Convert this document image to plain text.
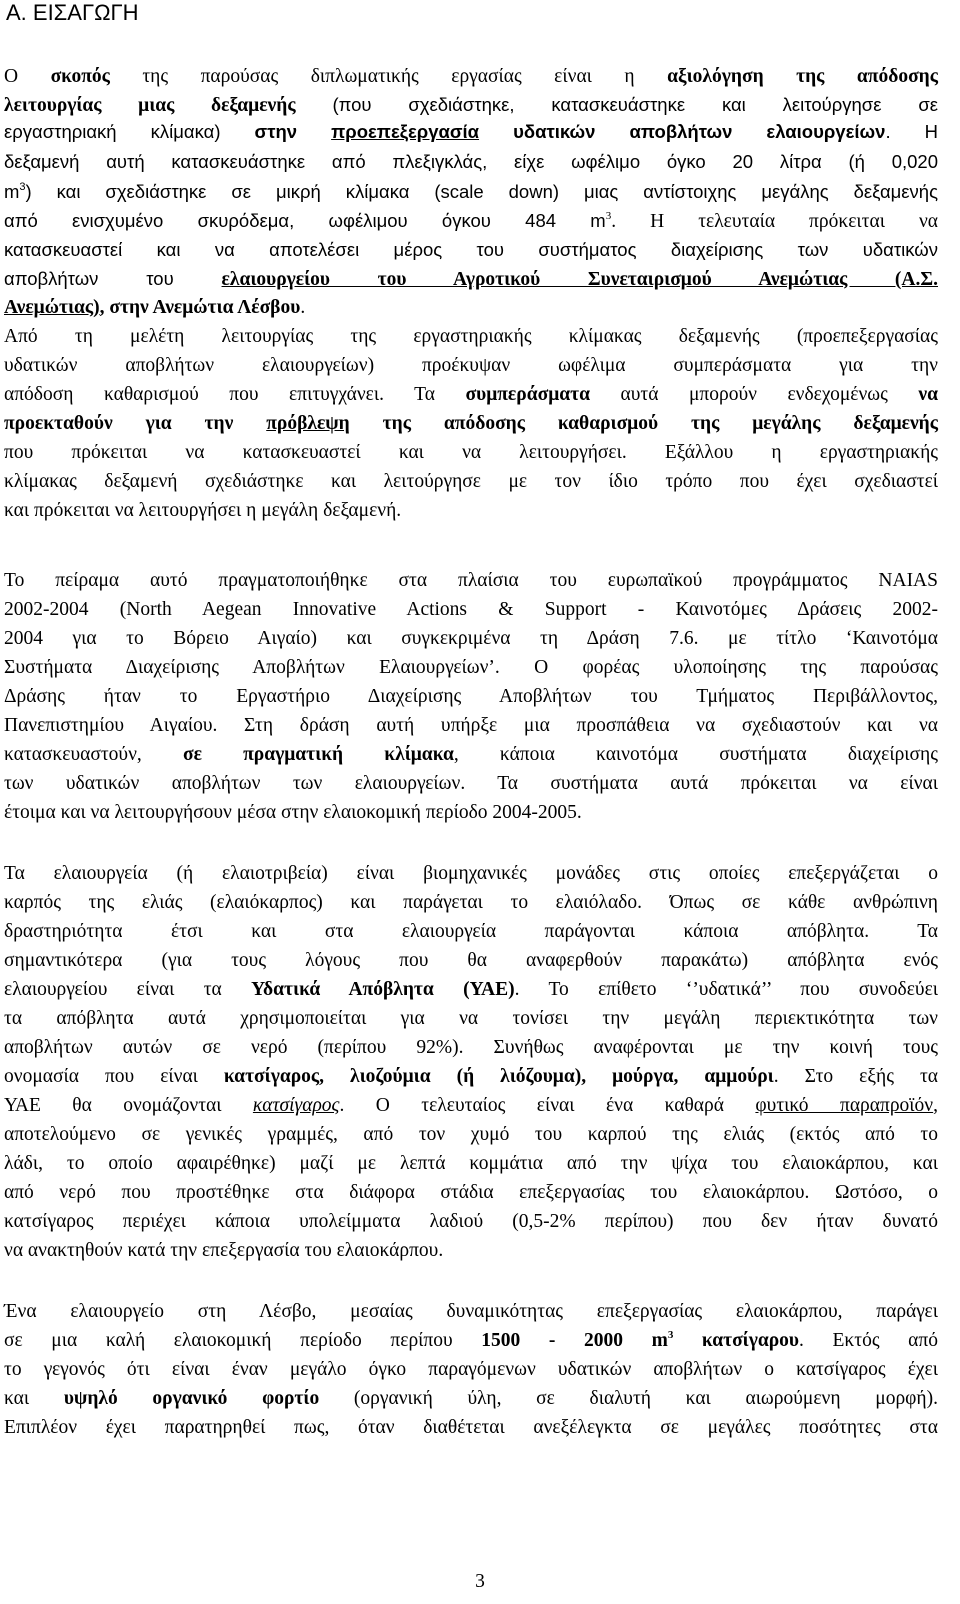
Α. ΕΙΣΑΓΩΓΗ
Ο σκοπός της παρούσας διπλωματικής εργασίας είναι η αξιολόγηση της απόδοσης
λειτουργίας μιας δεξαμενής (που σχεδιάστηκε, κατασκευάστηκε και λειτούργησε σε
εργαστηριακή κλίμακα) στην προεπεξεργασία υδατικών αποβλήτων ελαιουργείων. Η
δεξαμενή αυτή κατασκευάστηκε από πλεξιγκλάς, είχε ωφέλιμο όγκο 20 λίτρα (ή 0,020
$m^3$) και σχεδιάστηκε σε μικρή κλίμακα (scale down) μιας αντίστοιχης μεγάλης δεξαμενής
από ενισχυμένο σκυρόδεμα, ωφέλιμου όγκου 484 $m^3$. Η τελευταία πρόκειται να
κατασκευαστεί και να αποτελέσει μέρος του συστήματος διαχείρισης των υδατικών
αποβλήτων του ελαιουργείου του Αγροτικού Συνεταιρισμού Ανεμώτιας (Α.Σ.
Ανεμώτιας), στην Ανεμώτια Λέσβου.
Από τη μελέτη λειτουργίας της εργαστηριακής κλίμακας δεξαμενής (προεπεξεργασίας
υδατικών αποβλήτων ελαιουργείων) προέκυψαν ωφέλιμα συμπεράσματα για την
απόδοση καθαρισμού που επιτυγχάνει. Τα συμπεράσματα αυτά μπορούν ενδεχομένως να
προεκταθούν για την πρόβλεψη της απόδοσης καθαρισμού της μεγάλης δεξαμενής
που πρόκειται να κατασκευαστεί και να λειτουργήσει. Εξάλλου η εργαστηριακής
κλίμακας δεξαμενή σχεδιάστηκε και λειτούργησε με τον ίδιο τρόπο που έχει σχεδιαστεί
και πρόκειται να λειτουργήσει η μεγάλη δεξαμενή.
Το πείραμα αυτό πραγματοποιήθηκε στα πλαίσια του ευρωπαϊκού προγράμματος NAIAS
2002-2004 (North Aegean Innovative Actions & Support - Καινοτόμες Δράσεις 2002-
2004 για το Βόρειο Αιγαίο) και συγκεκριμένα τη Δράση 7.6. με τίτλο ‘Καινοτόμα
Συστήματα Διαχείρισης Αποβλήτων Ελαιουργείων’. Ο φορέας υλοποίησης της παρούσας
Δράσης ήταν το Εργαστήριο Διαχείρισης Αποβλήτων του Τμήματος Περιβάλλοντος,
Πανεπιστημίου Αιγαίου. Στη δράση αυτή υπήρξε μια προσπάθεια να σχεδιαστούν και να
κατασκευαστούν, σε πραγματική κλίμακα, κάποια καινοτόμα συστήματα διαχείρισης
των υδατικών αποβλήτων των ελαιουργείων. Τα συστήματα αυτά πρόκειται να είναι
έτοιμα και να λειτουργήσουν μέσα στην ελαιοκομική περίοδο 2004-2005.
Τα ελαιουργεία (ή ελαιοτριβεία) είναι βιομηχανικές μονάδες στις οποίες επεξεργάζεται ο
καρπός της ελιάς (ελαιόκαρπος) και παράγεται το ελαιόλαδο. Όπως σε κάθε ανθρώπινη
δραστηριότητα έτσι και στα ελαιουργεία παράγονται κάποια απόβλητα. Τα
σημαντικότερα (για τους λόγους που θα αναφερθούν παρακάτω) απόβλητα ενός
ελαιουργείου είναι τα Υδατικά Απόβλητα (ΥΑΕ). Το επίθετο ‘’υδατικά’’ που συνοδεύει
τα απόβλητα αυτά χρησιμοποιείται για να τονίσει την μεγάλη περιεκτικότητα των
αποβλήτων αυτών σε νερό (περίπου 92%). Συνήθως αναφέρονται με την κοινή τους
ονομασία που είναι κατσίγαρος, λιοζούμια (ή λιόζουμα), μούργα, αμμούρι. Στο εξής τα
ΥΑΕ θα ονομάζονται κατσίγαρος. Ο τελευταίος είναι ένα καθαρά φυτικό παραπροϊόν,
αποτελούμενο σε γενικές γραμμές, από τον χυμό του καρπού της ελιάς (εκτός από το
λάδι, το οποίο αφαιρέθηκε) μαζί με λεπτά κομμάτια από την ψίχα του ελαιοκάρπου, και
από νερό που προστέθηκε στα διάφορα στάδια επεξεργασίας του ελαιοκάρπου. Ωστόσο, ο
κατσίγαρος περιέχει κάποια υπολείμματα λαδιού (0,5-2% περίπου) που δεν ήταν δυνατό
να ανακτηθούν κατά την επεξεργασία του ελαιοκάρπου.
Ένα ελαιουργείο στη Λέσβο, μεσαίας δυναμικότητας επεξεργασίας ελαιοκάρπου, παράγει
σε μια καλή ελαιοκομική περίοδο περίπου 1500 - 2000 $m^3$ κατσίγαρου. Εκτός από
το γεγονός ότι είναι έναν μεγάλο όγκο παραγόμενων υδατικών αποβλήτων ο κατσίγαρος έχει
και υψηλό οργανικό φορτίο (οργανική ύλη, σε διαλυτή και αιωρούμενη μορφή).
Επιπλέον έχει παρατηρηθεί πως, όταν διαθέτεται ανεξέλεγκτα σε μεγάλες ποσότητες στα
3
